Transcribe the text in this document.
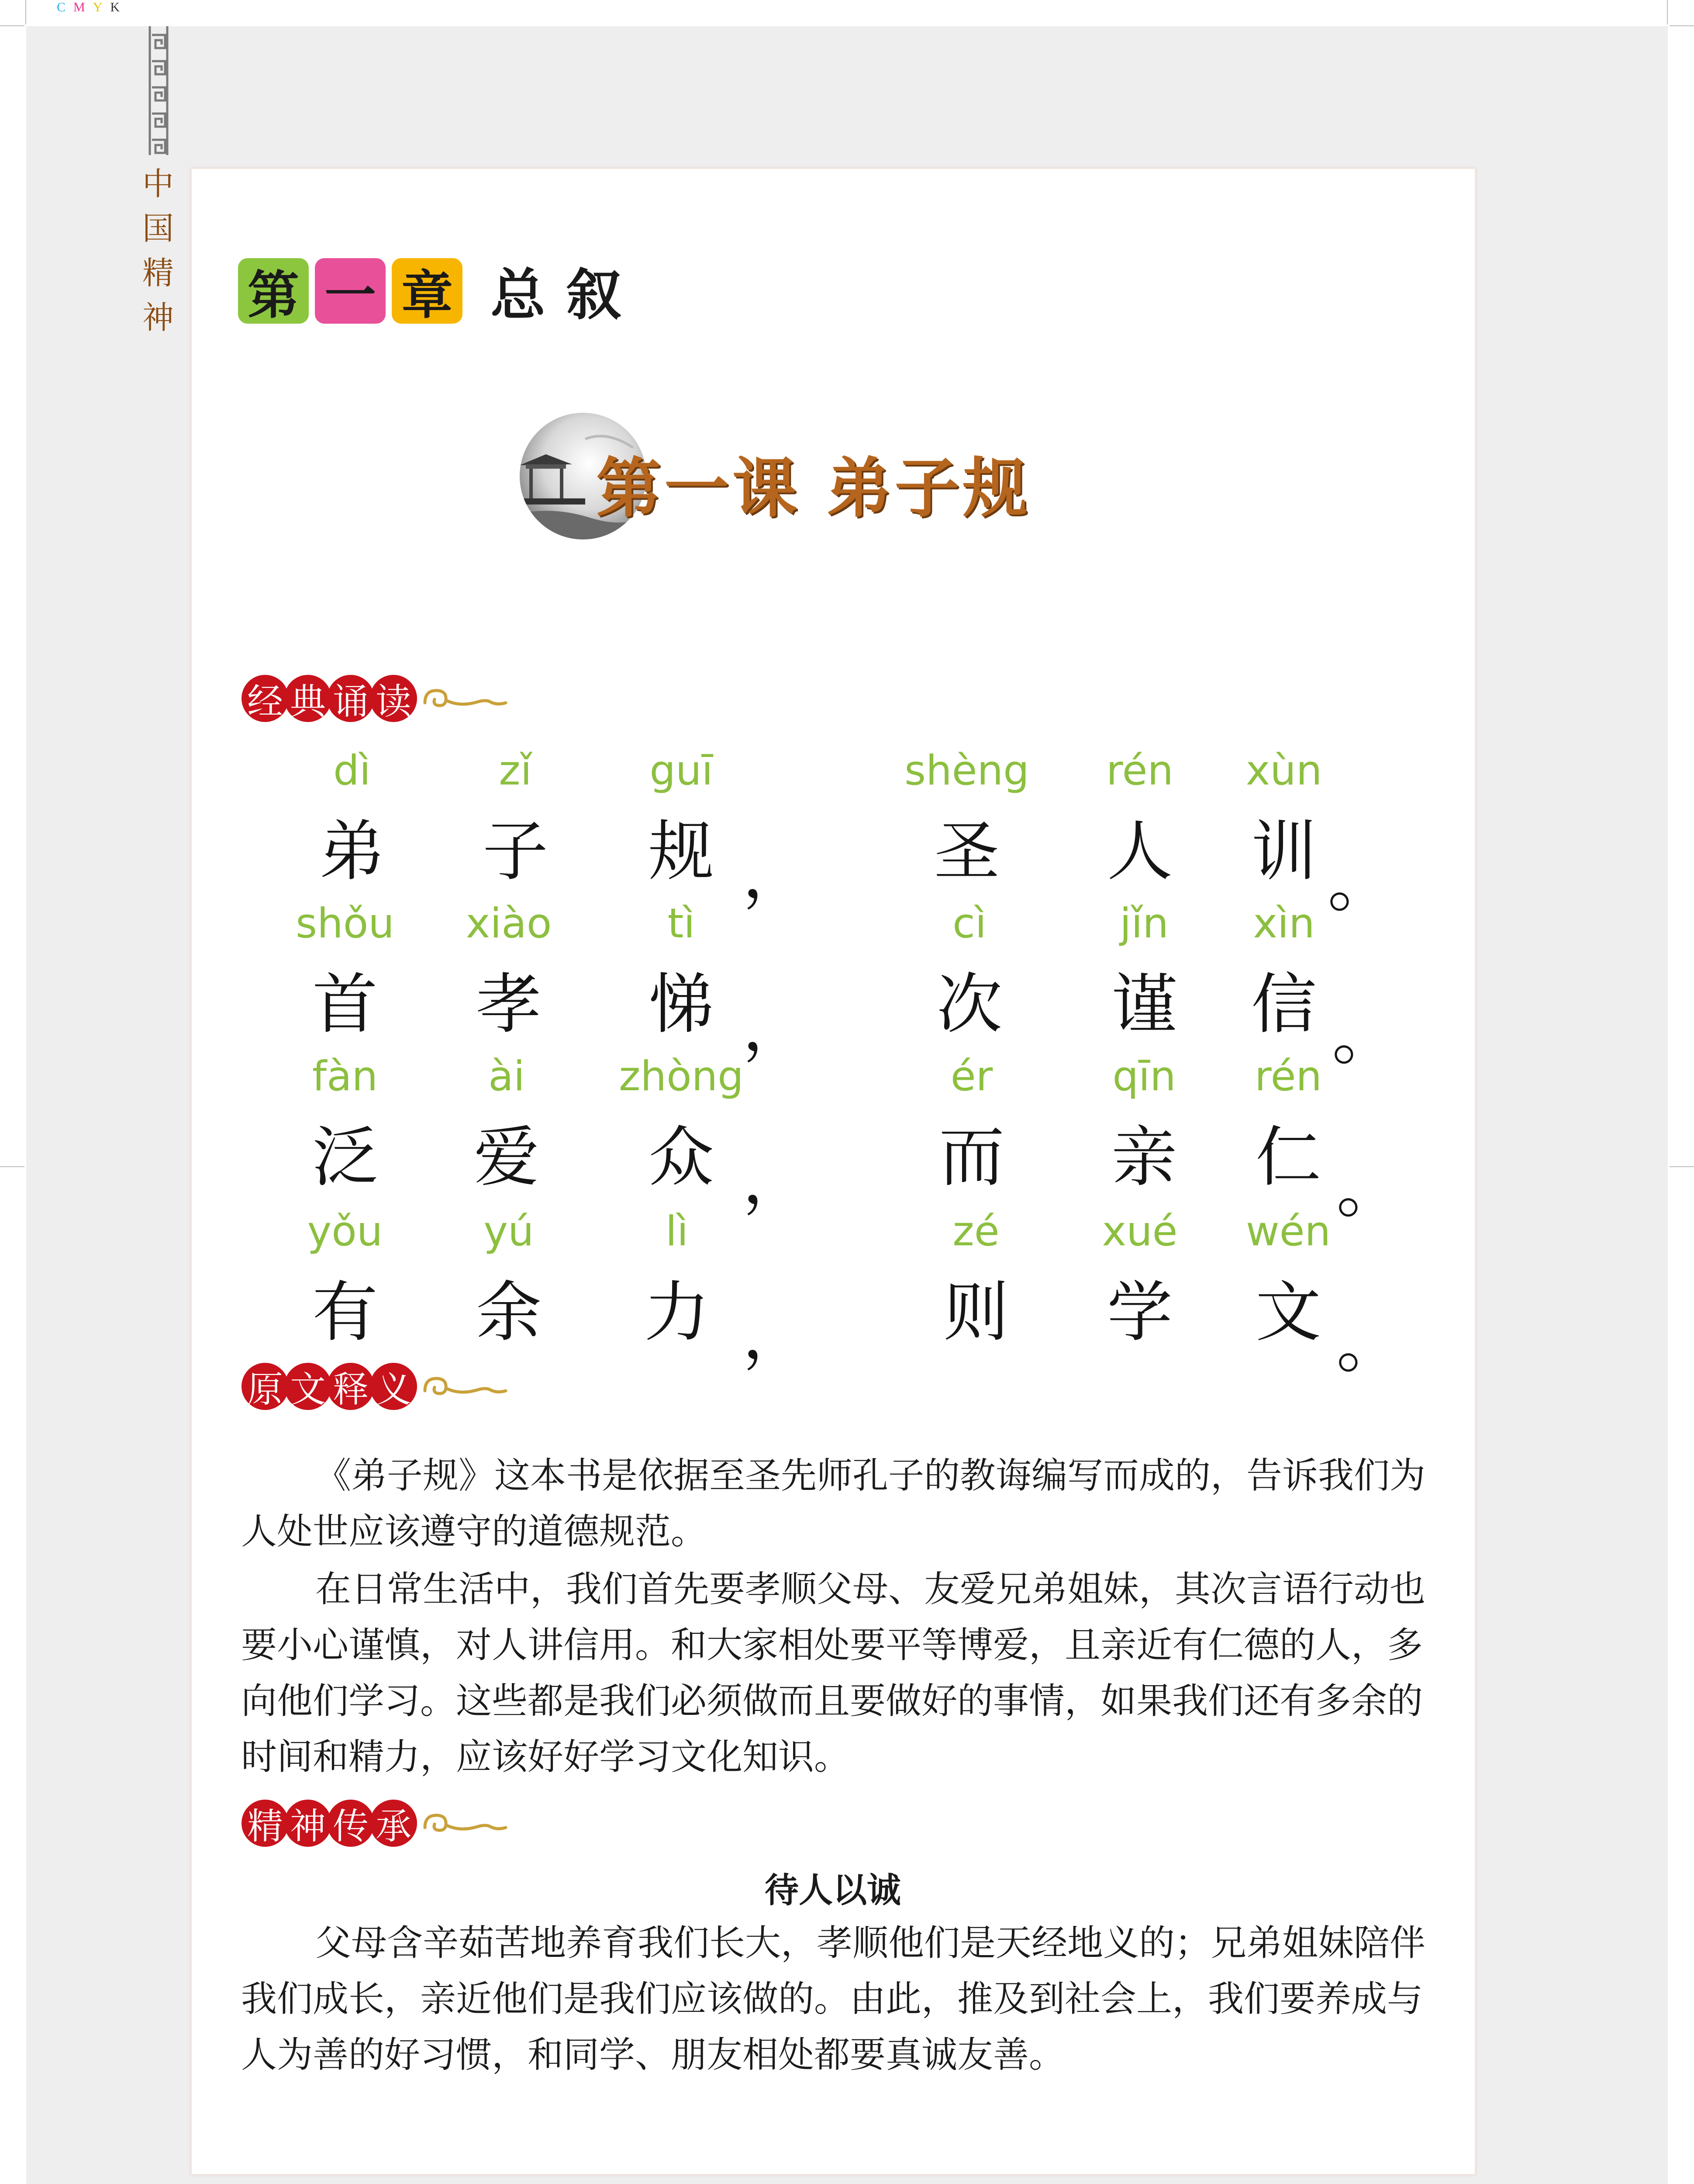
CMYK
中
国
精
神 第 一 章 总叙
第一课 弟子规
经 典 诵 读
dì
弟
zǐ
子
guī
规 ，
shèng
圣
rén
人
xùn
训 。
shǒu
首
xiào
孝
tì
悌 ，
cì
次
jǐn
谨
xìn
信 。
fàn
泛
ài
爱
zhòng
众 ，
ér
而
qīn
亲
rén
仁 。
yǒu
有
yú
余
lì
力 ，
zé
则
xué
学
wén
文 。
原 文 释 义

《弟子规》这本书是依据至圣先师孔子的教诲编写而成的，告诉我们为人处世应该遵守的道德规范。

在日常生活中，我们首先要孝顺父母、友爱兄弟姐妹，其次言语行动也要小心谨慎，对人讲信用。和大家相处要平等博爱，且亲近有仁德的人，多向他们学习。这些都是我们必须做而且要做好的事情，如果我们还有多余的时间和精力，应该好好学习文化知识。

精 神 传 承
待人以诚

父母含辛茹苦地养育我们长大，孝顺他们是天经地义的；兄弟姐妹陪伴我们成长，亲近他们是我们应该做的。由此，推及到社会上，我们要养成与人为善的好习惯，和同学、朋友相处都要真诚友善。
